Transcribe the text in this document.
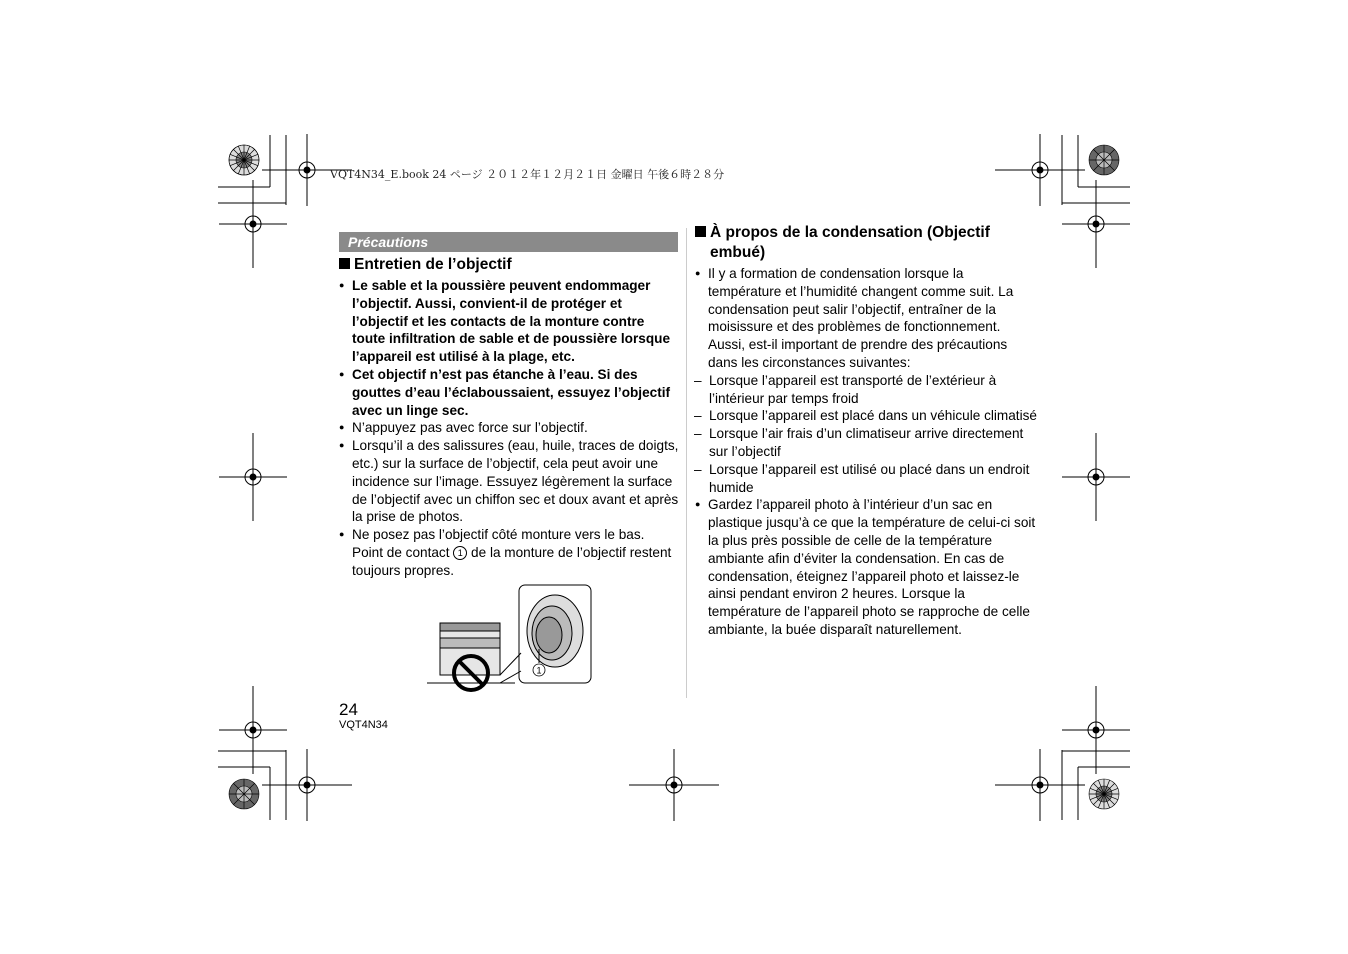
VQT4N34_E.book 24 ページ ２０１２年１２月２１日 金曜日 午後６時２８分
Précautions
Entretien de l’objectif
● Le sable et la poussière peuvent endommager l’objectif. Aussi, convient-il de protéger et l’objectif et les contacts de la monture contre toute infiltration de sable et de poussière lorsque l’appareil est utilisé à la plage, etc.
● Cet objectif n’est pas étanche à l’eau. Si des gouttes d’eau l’éclaboussaient, essuyez l’objectif avec un linge sec.
● N’appuyez pas avec force sur l’objectif.
● Lorsqu’il a des salissures (eau, huile, traces de doigts, etc.) sur la surface de l’objectif, cela peut avoir une incidence sur l’image. Essuyez légèrement la surface de l’objectif avec un chiffon sec et doux avant et après la prise de photos.
● Ne posez pas l’objectif côté monture vers le bas. Point de contact 1 de la monture de l’objectif restent toujours propres.
1
À propos de la condensation (Objectif embué)
● Il y a formation de condensation lorsque la température et l’humidité changent comme suit. La condensation peut salir l’objectif, entraîner de la moisissure et des problèmes de fonctionnement. Aussi, est-il important de prendre des précautions dans les circonstances suivantes:
– Lorsque l’appareil est transporté de l’extérieur à l’intérieur par temps froid
– Lorsque l’appareil est placé dans un véhicule climatisé
– Lorsque l’air frais d’un climatiseur arrive directement sur l’objectif
– Lorsque l’appareil est utilisé ou placé dans un endroit humide
● Gardez l’appareil photo à l’intérieur d’un sac en plastique jusqu’à ce que la température de celui-ci soit la plus près possible de celle de la température ambiante afin d’éviter la condensation. En cas de condensation, éteignez l’appareil photo et laissez-le ainsi pendant environ 2 heures. Lorsque la température de l’appareil photo se rapproche de celle ambiante, la buée disparaît naturellement.
24
VQT4N34
